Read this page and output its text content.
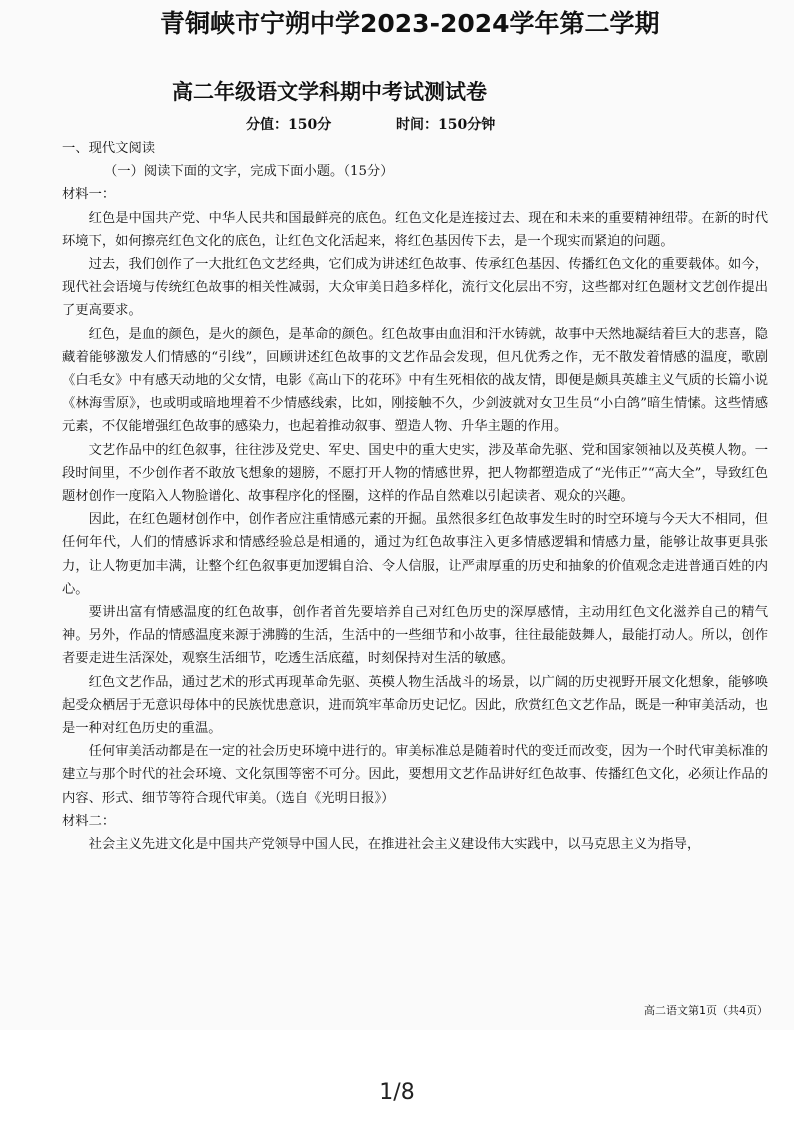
青铜峡市宁朔中学2023-2024学年第二学期
高二年级语文学科期中考试测试卷
分值：150分	时间：150分钟

一、现代文阅读

（一）阅读下面的文字，完成下面小题。（15分）

材料一：

红色是中国共产党、中华人民共和国最鲜亮的底色。红色文化是连接过去、现在和未来的重要精神纽带。在新的时代环境下，如何擦亮红色文化的底色，让红色文化活起来，将红色基因传下去，是一个现实而紧迫的问题。

过去，我们创作了一大批红色文艺经典，它们成为讲述红色故事、传承红色基因、传播红色文化的重要载体。如今，现代社会语境与传统红色故事的相关性减弱，大众审美日趋多样化，流行文化层出不穷，这些都对红色题材文艺创作提出了更高要求。

红色，是血的颜色，是火的颜色，是革命的颜色。红色故事由血泪和汗水铸就，故事中天然地凝结着巨大的悲喜，隐藏着能够激发人们情感的“引线”，回顾讲述红色故事的文艺作品会发现，但凡优秀之作，无不散发着情感的温度，歌剧《白毛女》中有感天动地的父女情，电影《高山下的花环》中有生死相依的战友情，即便是颇具英雄主义气质的长篇小说《林海雪原》，也或明或暗地埋着不少情感线索，比如，刚接触不久，少剑波就对女卫生员“小白鸽”暗生情愫。这些情感元素，不仅能增强红色故事的感染力，也起着推动叙事、塑造人物、升华主题的作用。

文艺作品中的红色叙事，往往涉及党史、军史、国史中的重大史实，涉及革命先驱、党和国家领袖以及英模人物。一段时间里，不少创作者不敢放飞想象的翅膀，不愿打开人物的情感世界，把人物都塑造成了“光伟正”“高大全”，导致红色题材创作一度陷入人物脸谱化、故事程序化的怪圈，这样的作品自然难以引起读者、观众的兴趣。

因此，在红色题材创作中，创作者应注重情感元素的开掘。虽然很多红色故事发生时的时空环境与今天大不相同，但任何年代，人们的情感诉求和情感经验总是相通的，通过为红色故事注入更多情感逻辑和情感力量，能够让故事更具张力，让人物更加丰满，让整个红色叙事更加逻辑自洽、令人信服，让严肃厚重的历史和抽象的价值观念走进普通百姓的内心。

要讲出富有情感温度的红色故事，创作者首先要培养自己对红色历史的深厚感情，主动用红色文化滋养自己的精气神。另外，作品的情感温度来源于沸腾的生活，生活中的一些细节和小故事，往往最能鼓舞人，最能打动人。所以，创作者要走进生活深处，观察生活细节，吃透生活底蕴，时刻保持对生活的敏感。

红色文艺作品，通过艺术的形式再现革命先驱、英模人物生活战斗的场景，以广阔的历史视野开展文化想象，能够唤起受众栖居于无意识母体中的民族忧患意识，进而筑牢革命历史记忆。因此，欣赏红色文艺作品，既是一种审美活动，也是一种对红色历史的重温。

任何审美活动都是在一定的社会历史环境中进行的。审美标准总是随着时代的变迁而改变，因为一个时代审美标准的建立与那个时代的社会环境、文化氛围等密不可分。因此，要想用文艺作品讲好红色故事、传播红色文化，必须让作品的内容、形式、细节等符合现代审美。（选自《光明日报》）

材料二：

社会主义先进文化是中国共产党领导中国人民，在推进社会主义建设伟大实践中，以马克思主义为指导，

高二语文第1页（共4页）
1/8
